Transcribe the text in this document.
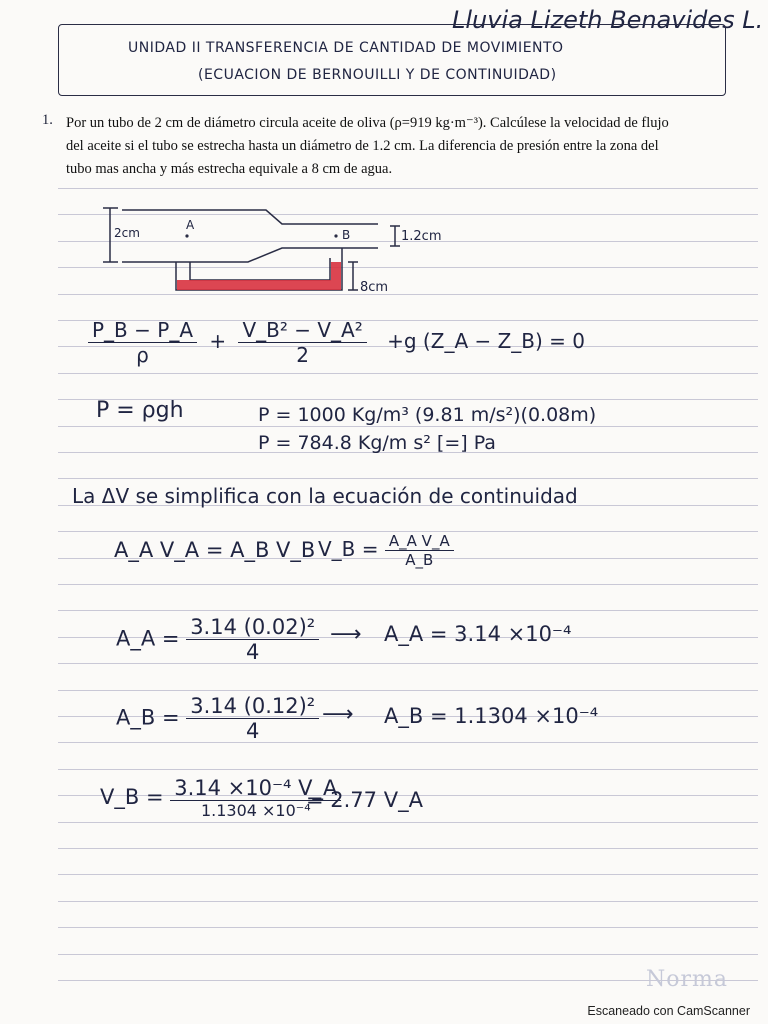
Lluvia Lizeth Benavides L.
UNIDAD II TRANSFERENCIA DE CANTIDAD DE MOVIMIENTO
(ECUACION DE BERNOUILLI Y DE CONTINUIDAD)
1. Por un tubo de 2 cm de diámetro circula aceite de oliva (ρ=919 kg·m⁻³). Calcúlese la velocidad de flujo
del aceite si el tubo se estrecha hasta un diámetro de 1.2 cm. La diferencia de presión entre la zona del
tubo mas ancha y más estrecha equivale a 8 cm de agua.
2cm
A
B	1.2cm
8cm
$\frac{P\_B - P\_A}{\rho} + \frac{\text{V\_B² − V\_A²}}{2} +g$ (Z_A − Z_B) = 0
P = ρgh	P = 1000 Kg/m³ (9.81 m/s²)(0.08m)
P = 784.8 Kg/m s² [=] Pa
La ΔV se simplifica con la ecuación de continuidad
A_A V_A = A_B V_B V_B = $\frac{\text{A\_A V\_A}}{A\_B}$
A_A = $\frac{\text{3.14 (0.02)²}}{4}$ ⟶ A_A = 3.14 ×10⁻⁴
A_B = $\frac{\text{3.14 (0.12)²}}{4}$ ⟶ A_B = 1.1304 ×10⁻⁴
V_B = $\frac{\text{3.14 ×10⁻⁴ V\_A}}{\text{1.1304 ×10⁻⁴}}$
= 2.77 V_A
Norma
Escaneado con CamScanner
